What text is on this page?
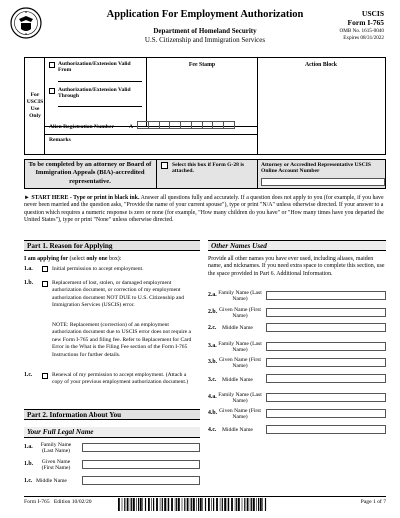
Application For Employment Authorization
Department of Homeland Security
U.S. Citizenship and Immigration Services
USCIS
Form I-765
OMB No. 1615-0040
Expires 08/31/2022
For USCIS Use Only
Authorization/Extension Valid From
Authorization/Extension Valid Through
Fee Stamp	Action Block
Alien Registration Number	A-
Remarks
To be completed by an attorney or Board of Immigration Appeals (BIA)-accredited representative.
Select this box if Form G-28 is attached.
Attorney or Accredited Representative USCIS Online Account Number
► START HERE - Type or print in black ink. Answer all questions fully and accurately. If a question does not apply to you (for example, if you have never been married and the question asks, "Provide the name of your current spouse"), type or print "N/A" unless otherwise directed. If your answer to a question which requires a numeric response is zero or none (for example, "How many children do you have" or "How many times have you departed the United States"), type or print "None" unless otherwise directed.
Part 1. Reason for Applying
I am applying for (select only one box):
1.a.	Initial permission to accept employment.
1.b.	Replacement of lost, stolen, or damaged employment authorization document, or correction of my employment authorization document NOT DUE to U.S. Citizenship and Immigration Services (USCIS) error.
NOTE: Replacement (correction) of an employment authorization document due to USCIS error does not require a new Form I-765 and filing fee. Refer to Replacement for Card Error in the What is the Filing Fee section of the Form I-765 Instructions for further details.
1.c.	Renewal of my permission to accept employment. (Attach a copy of your previous employment authorization document.)
Part 2. Information About You
Your Full Legal Name
1.a.	Family Name (Last Name)
1.b.	Given Name (First Name)
1.c. Middle Name
Other Names Used
Provide all other names you have ever used, including aliases, maiden name, and nicknames. If you need extra space to complete this section, use the space provided in Part 6. Additional Information.
2.a. Family Name (Last Name)
2.b. Given Name (First Name)
2.c. Middle Name
3.a. Family Name (Last Name)
3.b. Given Name (First Name)
3.c. Middle Name
4.a. Family Name (Last Name)
4.b. Given Name (First Name)
4.c. Middle Name
Form I-765 Edition 10/02/20	Page 1 of 7
